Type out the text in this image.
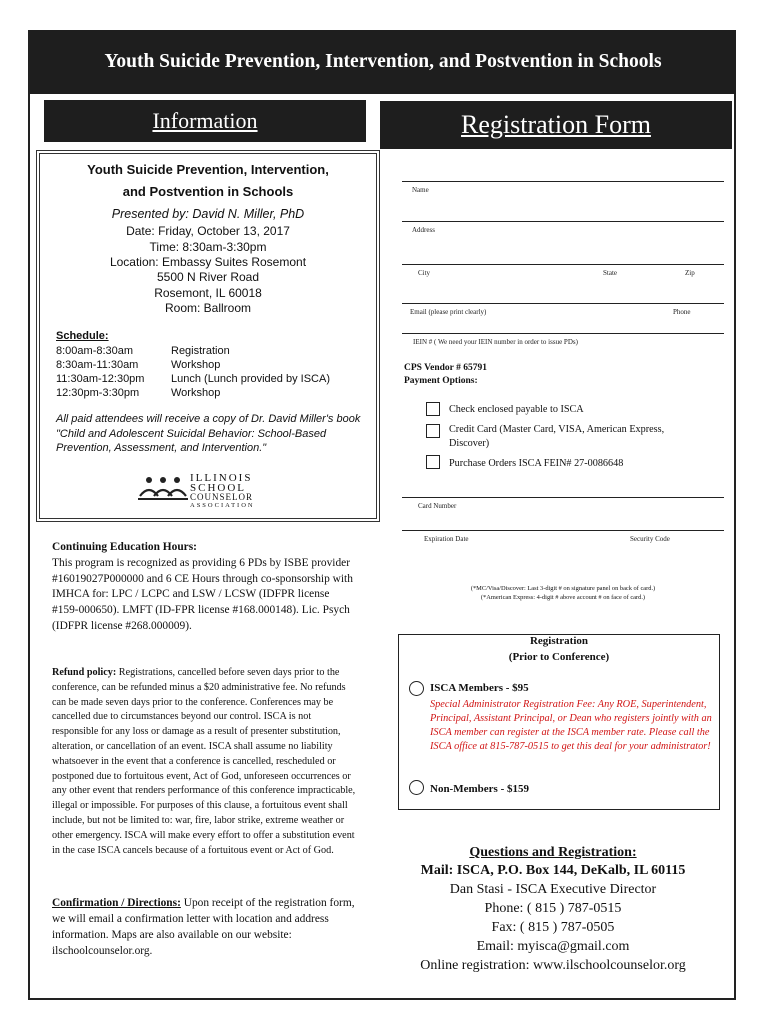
Youth Suicide Prevention, Intervention, and Postvention in Schools
Information	Registration Form
Youth Suicide Prevention, Intervention,
and Postvention in Schools
Presented by: David N. Miller, PhD
Date: Friday, October 13, 2017
Time: 8:30am-3:30pm
Location: Embassy Suites Rosemont
5500 N River Road
Rosemont, IL 60018
Room: Ballroom
Schedule:
8:00am-8:30am	Registration
8:30am-11:30am	Workshop
11:30am-12:30pm Lunch (Lunch provided by ISCA)
12:30pm-3:30pm	Workshop
All paid attendees will receive a copy of Dr. David Miller's book "Child and Adolescent Suicidal Behavior: School-Based Prevention, Assessment, and Intervention."
ILLINOIS
SCHOOL
COUNSELOR
ASSOCIATION
Continuing Education Hours:
This program is recognized as providing 6 PDs by ISBE provider #16019027P000000 and 6 CE Hours through co-sponsorship with IMHCA for: LPC / LCPC and LSW / LCSW (IDFPR license #159-000650). LMFT (ID-FPR license #168.000148). Lic. Psych (IDFPR license #268.000009).
Refund policy: Registrations, cancelled before seven days prior to the conference, can be refunded minus a $20 administrative fee. No refunds can be made seven days prior to the conference. Conferences may be cancelled due to circumstances beyond our control. ISCA is not responsible for any loss or damage as a result of presenter substitution, alteration, or cancellation of an event. ISCA shall assume no liability whatsoever in the event that a conference is cancelled, rescheduled or postponed due to fortuitous event, Act of God, unforeseen occurrences or any other event that renders performance of this conference impracticable, illegal or impossible. For purposes of this clause, a fortuitous event shall include, but not be limited to: war, fire, labor strike, extreme weather or other emergency. ISCA will make every effort to offer a substitution event in the case ISCA cancels because of a fortuitous event or Act of God.
Confirmation / Directions: Upon receipt of the registration form, we will email a confirmation letter with location and address information. Maps are also available on our website: ilschoolcounselor.org.
Name
Address
City	State	Zip
Email (please print clearly)	Phone
IEIN # ( We need your IEIN number in order to issue PDs)
CPS Vendor # 65791
Payment Options:
Check enclosed payable to ISCA
Credit Card (Master Card, VISA, American Express, Discover)
Purchase Orders ISCA FEIN# 27-0086648
Card Number
Expiration Date	Security Code
(*MC/Visa/Discover: Last 3-digit # on signature panel on back of card.)
(*American Express: 4-digit # above account # on face of card.)
Registration
(Prior to Conference)
ISCA Members - $95
Special Administrator Registration Fee: Any ROE, Superintendent, Principal, Assistant Principal, or Dean who registers jointly with an ISCA member can register at the ISCA member rate. Please call the ISCA office at 815-787-0515 to get this deal for your administrator!
Non-Members - $159
Questions and Registration:
Mail: ISCA, P.O. Box 144, DeKalb, IL 60115
Dan Stasi - ISCA Executive Director
Phone: ( 815 ) 787-0515
Fax: ( 815 ) 787-0505
Email: myisca@gmail.com
Online registration: www.ilschoolcounselor.org
